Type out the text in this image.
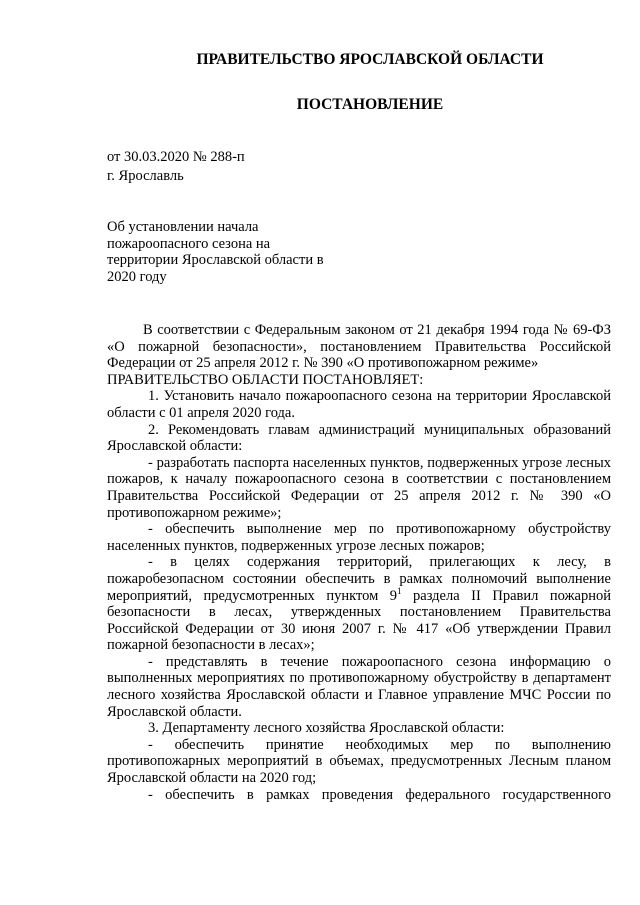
ПРАВИТЕЛЬСТВО ЯРОСЛАВСКОЙ ОБЛАСТИ
ПОСТАНОВЛЕНИЕ
от 30.03.2020 № 288-п
г. Ярославль
Об установлении начала
пожароопасного сезона на
территории Ярославской области в
2020 году

В соответствии с Федеральным законом от 21 декабря 1994 года № 69-ФЗ «О пожарной безопасности», постановлением Правительства Российской Федерации от 25 апреля 2012 г. № 390 «О противопожарном режиме»

ПРАВИТЕЛЬСТВО ОБЛАСТИ ПОСТАНОВЛЯЕТ:

1. Установить начало пожароопасного сезона на территории Ярославской области с 01 апреля 2020 года.

2. Рекомендовать главам администраций муниципальных образований Ярославской области:

- разработать паспорта населенных пунктов, подверженных угрозе лесных пожаров, к началу пожароопасного сезона в соответствии с постановлением Правительства Российской Федерации от 25 апреля 2012 г. № 390 «О противопожарном режиме»;

- обеспечить выполнение мер по противопожарному обустройству населенных пунктов, подверженных угрозе лесных пожаров;

- в целях содержания территорий, прилегающих к лесу, в пожаробезопасном состоянии обеспечить в рамках полномочий выполнение мероприятий, предусмотренных пунктом $9^1$ раздела II Правил пожарной безопасности в лесах, утвержденных постановлением Правительства Российской Федерации от 30 июня 2007 г. № 417 «Об утверждении Правил пожарной безопасности в лесах»;

- представлять в течение пожароопасного сезона информацию о выполненных мероприятиях по противопожарному обустройству в департамент лесного хозяйства Ярославской области и Главное управление МЧС России по Ярославской области.

3. Департаменту лесного хозяйства Ярославской области:

- обеспечить принятие необходимых мер по выполнению противопожарных мероприятий в объемах, предусмотренных Лесным планом Ярославской области на 2020 год;

- обеспечить в рамках проведения федерального государственного
